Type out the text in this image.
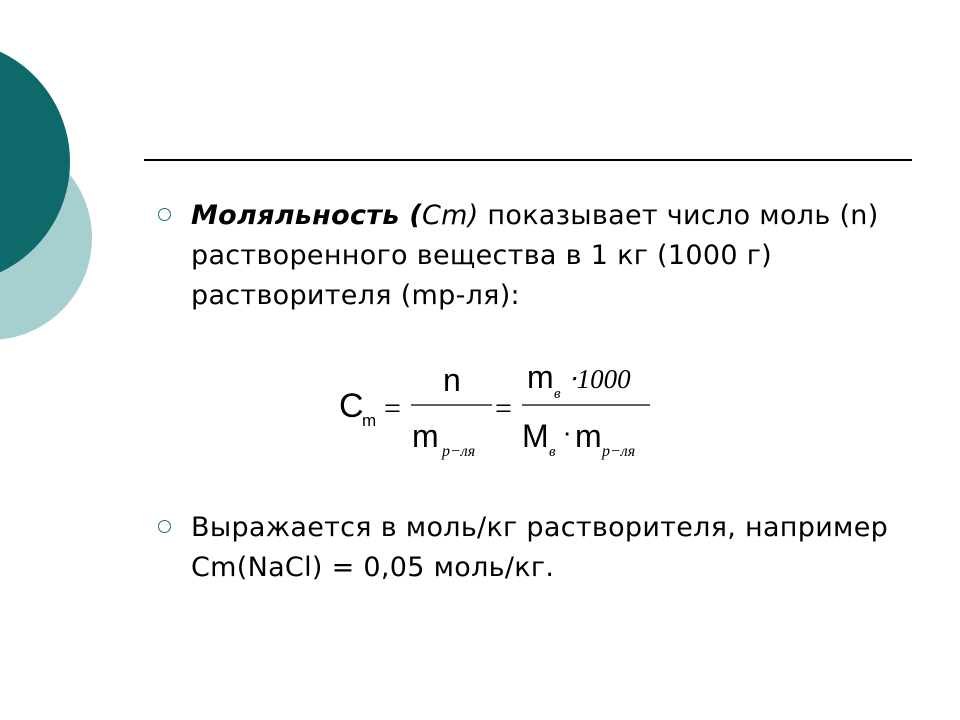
Моляльность (Cm) показывает число моль (n) растворенного вещества в 1 кг (1000 г) растворителя (mр-ля):
C
m =
n
m р−ля
=
m в ⋅1000
M в
⋅ m р−ля
Выражается в моль/кг растворителя, например Cm(NaCl) = 0,05 моль/кг.
